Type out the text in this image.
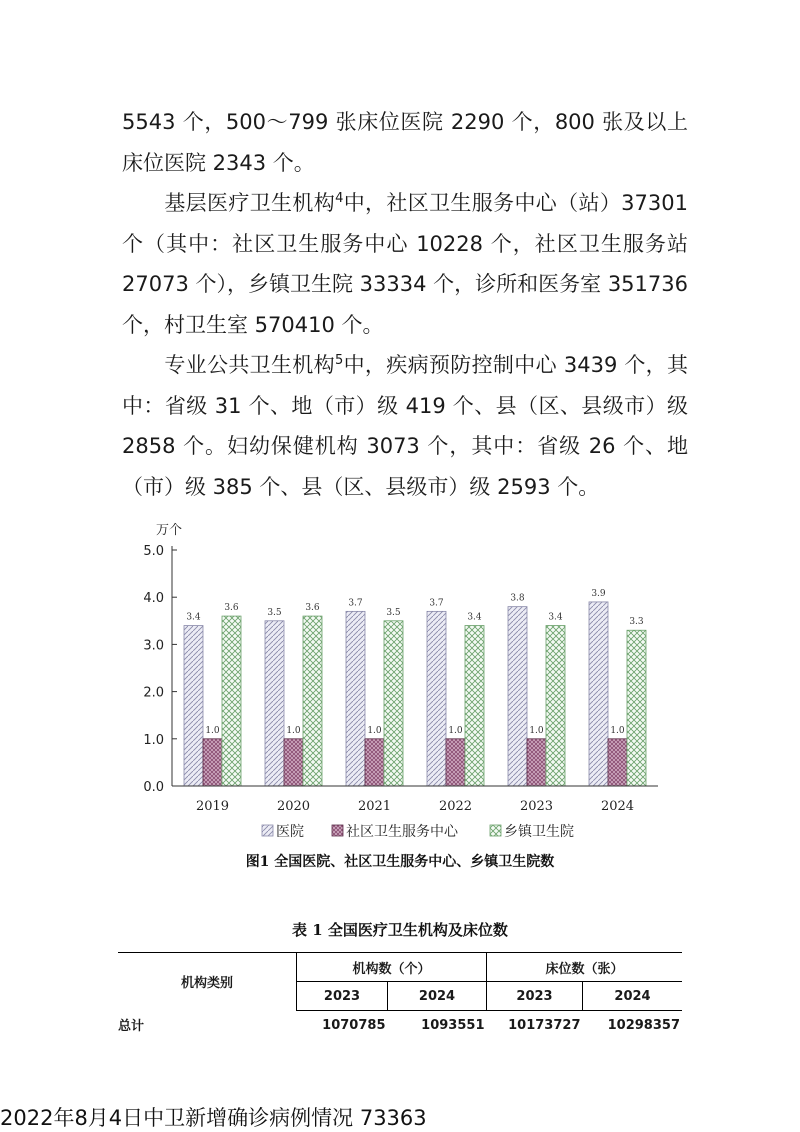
5543 个，500～799 张床位医院 2290 个，800 张及以上床位医院 2343 个。

基层医疗卫生机构$^4$中，社区卫生服务中心（站）37301 个（其中：社区卫生服务中心 10228 个，社区卫生服务站 27073 个），乡镇卫生院 33334 个，诊所和医务室 351736 个，村卫生室 570410 个。

专业公共卫生机构$^5$中，疾病预防控制中心 3439 个，其中：省级 31 个、地（市）级 419 个、县（区、县级市）级 2858 个。妇幼保健机构 3073 个，其中：省级 26 个、地（市）级 385 个、县（区、县级市）级 2593 个。

万个
0.0
1.0
2.0
3.0
4.0
5.0
3.4
1.0
3.6	3.5
1.0
3.6	3.7
1.0
3.5
3.7
1.0
3.4
3.8
1.0
3.4
3.9
1.0
3.3
2019	2020	2021	2022	2023	2024
医院	社区卫生服务中心	乡镇卫生院
图1 全国医院、社区卫生服务中心、乡镇卫生院数
表 1 全国医疗卫生机构及床位数
机构类别	机构数（个）		床位数（张）	
	2023	2024	2023	2024
总计	1070785	1093551	10173727	10298357
2022年8月4日中卫新增确诊病例情况 73363
